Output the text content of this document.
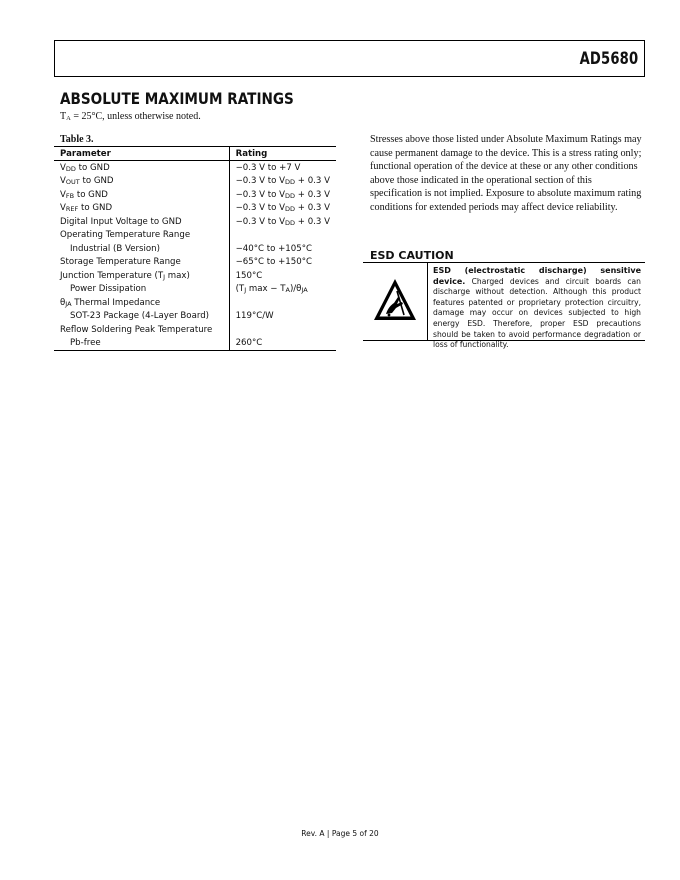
AD5680
ABSOLUTE MAXIMUM RATINGS
TA = 25°C, unless otherwise noted.
Table 3.
Parameter	Rating
VDD to GND	−0.3 V to +7 V
VOUT to GND	−0.3 V to VDD + 0.3 V
VFB to GND	−0.3 V to VDD + 0.3 V
VREF to GND	−0.3 V to VDD + 0.3 V
Digital Input Voltage to GND	−0.3 V to VDD + 0.3 V
Operating Temperature Range	
Industrial (B Version)	−40°C to +105°C
Storage Temperature Range	−65°C to +150°C
Junction Temperature (TJ max)	150°C
Power Dissipation	(TJ max − TA)/θJA
θJA Thermal Impedance	
SOT-23 Package (4-Layer Board)	119°C/W
Reflow Soldering Peak Temperature	
Pb-free	260°C
Stresses above those listed under Absolute Maximum Ratings may cause permanent damage to the device. This is a stress rating only; functional operation of the device at these or any other conditions above those indicated in the operational section of this specification is not implied. Exposure to absolute maximum rating conditions for extended periods may affect device reliability.
ESD CAUTION
ESD (electrostatic discharge) sensitive device. Charged devices and circuit boards can discharge without detection. Although this product features patented or proprietary protection circuitry, damage may occur on devices subjected to high energy ESD. Therefore, proper ESD precautions should be taken to avoid performance degradation or loss of functionality.
Rev. A | Page 5 of 20
